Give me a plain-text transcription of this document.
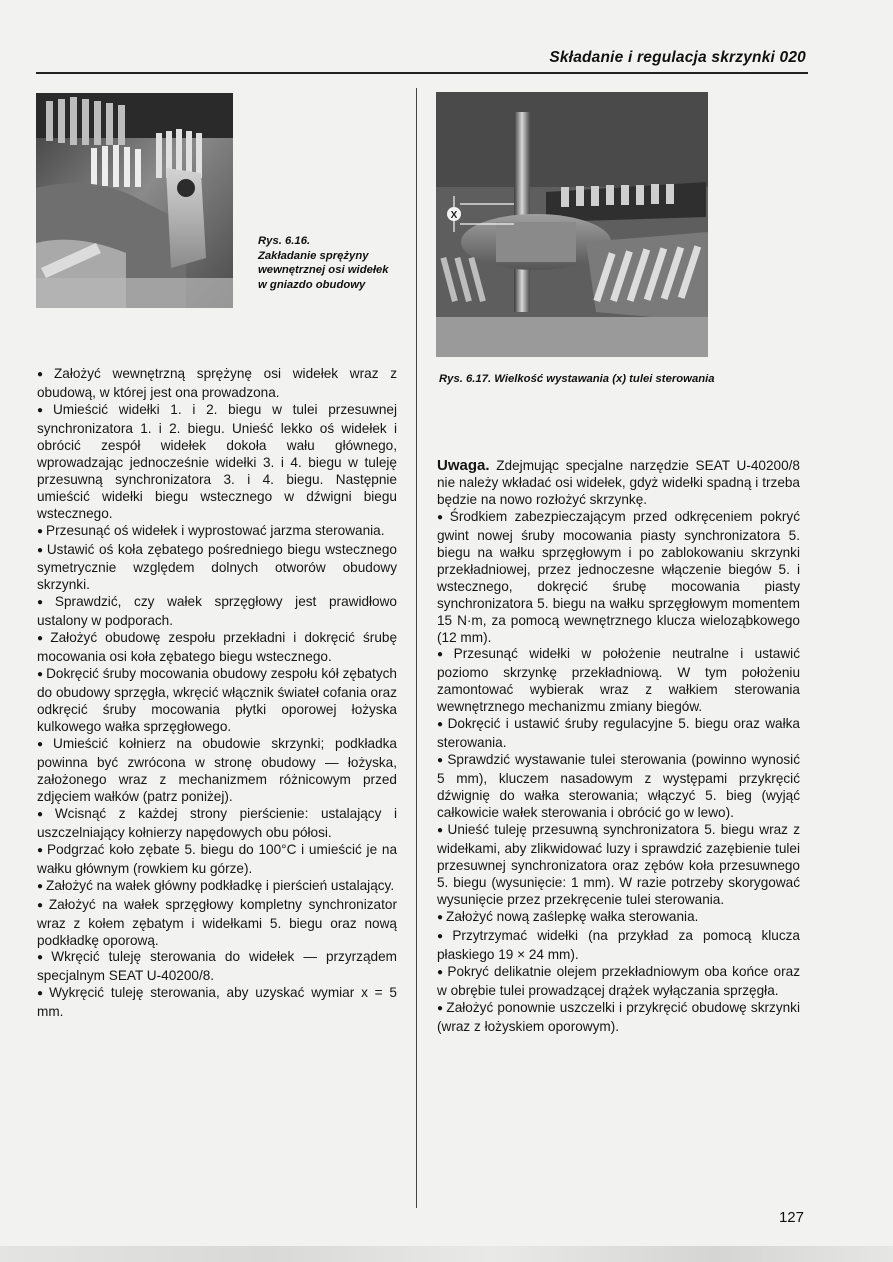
Składanie i regulacja skrzynki 020
Rys. 6.16.
Zakładanie sprężyny wewnętrznej osi widełek w gniazdo obudowy
X
Rys. 6.17. Wielkość wystawania (x) tulei sterowania

● Założyć wewnętrzną sprężynę osi widełek wraz z obudową, w której jest ona prowadzona.

● Umieścić widełki 1. i 2. biegu w tulei przesuwnej synchronizatora 1. i 2. biegu. Unieść lekko oś widełek i obrócić zespół widełek dokoła wału głównego, wprowadzając jednocześnie widełki 3. i 4. biegu w tuleję przesuwną synchronizatora 3. i 4. biegu. Następnie umieścić widełki biegu wstecznego w dźwigni biegu wstecznego.

● Przesunąć oś widełek i wyprostować jarzma sterowania.

● Ustawić oś koła zębatego pośredniego biegu wstecznego symetrycznie względem dolnych otworów obudowy skrzynki.

● Sprawdzić, czy wałek sprzęgłowy jest prawidłowo ustalony w podporach.

● Założyć obudowę zespołu przekładni i dokręcić śrubę mocowania osi koła zębatego biegu wstecznego.

● Dokręcić śruby mocowania obudowy zespołu kół zębatych do obudowy sprzęgła, wkręcić włącznik świateł cofania oraz odkręcić śruby mocowania płytki oporowej łożyska kulkowego wałka sprzęgłowego.

● Umieścić kołnierz na obudowie skrzynki; podkładka powinna być zwrócona w stronę obudowy — łożyska, założonego wraz z mechanizmem różnicowym przed zdjęciem wałków (patrz poniżej).

● Wcisnąć z każdej strony pierścienie: ustalający i uszczelniający kołnierzy napędowych obu półosi.

● Podgrzać koło zębate 5. biegu do 100°C i umieścić je na wałku głównym (rowkiem ku górze).

● Założyć na wałek główny podkładkę i pierścień ustalający.

● Założyć na wałek sprzęgłowy kompletny synchronizator wraz z kołem zębatym i widełkami 5. biegu oraz nową podkładkę oporową.

● Wkręcić tuleję sterowania do widełek — przyrządem specjalnym SEAT U-40200/8.

● Wykręcić tuleję sterowania, aby uzyskać wymiar x = 5 mm.

Uwaga. Zdejmując specjalne narzędzie SEAT U-40200/8 nie należy wkładać osi widełek, gdyż widełki spadną i trzeba będzie na nowo rozłożyć skrzynkę.

● Środkiem zabezpieczającym przed odkręceniem pokryć gwint nowej śruby mocowania piasty synchronizatora 5. biegu na wałku sprzęgłowym i po zablokowaniu skrzynki przekładniowej, przez jednoczesne włączenie biegów 5. i wstecznego, dokręcić śrubę mocowania piasty synchronizatora 5. biegu na wałku sprzęgłowym momentem 15 N·m, za pomocą wewnętrznego klucza wieloząbkowego (12 mm).

● Przesunąć widełki w położenie neutralne i ustawić poziomo skrzynkę przekładniową. W tym położeniu zamontować wybierak wraz z wałkiem sterowania wewnętrznego mechanizmu zmiany biegów.

● Dokręcić i ustawić śruby regulacyjne 5. biegu oraz wałka sterowania.

● Sprawdzić wystawanie tulei sterowania (powinno wynosić 5 mm), kluczem nasadowym z występami przykręcić dźwignię do wałka sterowania; włączyć 5. bieg (wyjąć całkowicie wałek sterowania i obrócić go w lewo).

● Unieść tuleję przesuwną synchronizatora 5. biegu wraz z widełkami, aby zlikwidować luzy i sprawdzić zazębienie tulei przesuwnej synchronizatora oraz zębów koła przesuwnego 5. biegu (wysunięcie: 1 mm). W razie potrzeby skorygować wysunięcie przez przekręcenie tulei sterowania.

● Założyć nową zaślepkę wałka sterowania.

● Przytrzymać widełki (na przykład za pomocą klucza płaskiego 19 × 24 mm).

● Pokryć delikatnie olejem przekładniowym oba końce oraz w obrębie tulei prowadzącej drążek wyłączania sprzęgła.

● Założyć ponownie uszczelki i przykręcić obudowę skrzynki (wraz z łożyskiem oporowym).

127
